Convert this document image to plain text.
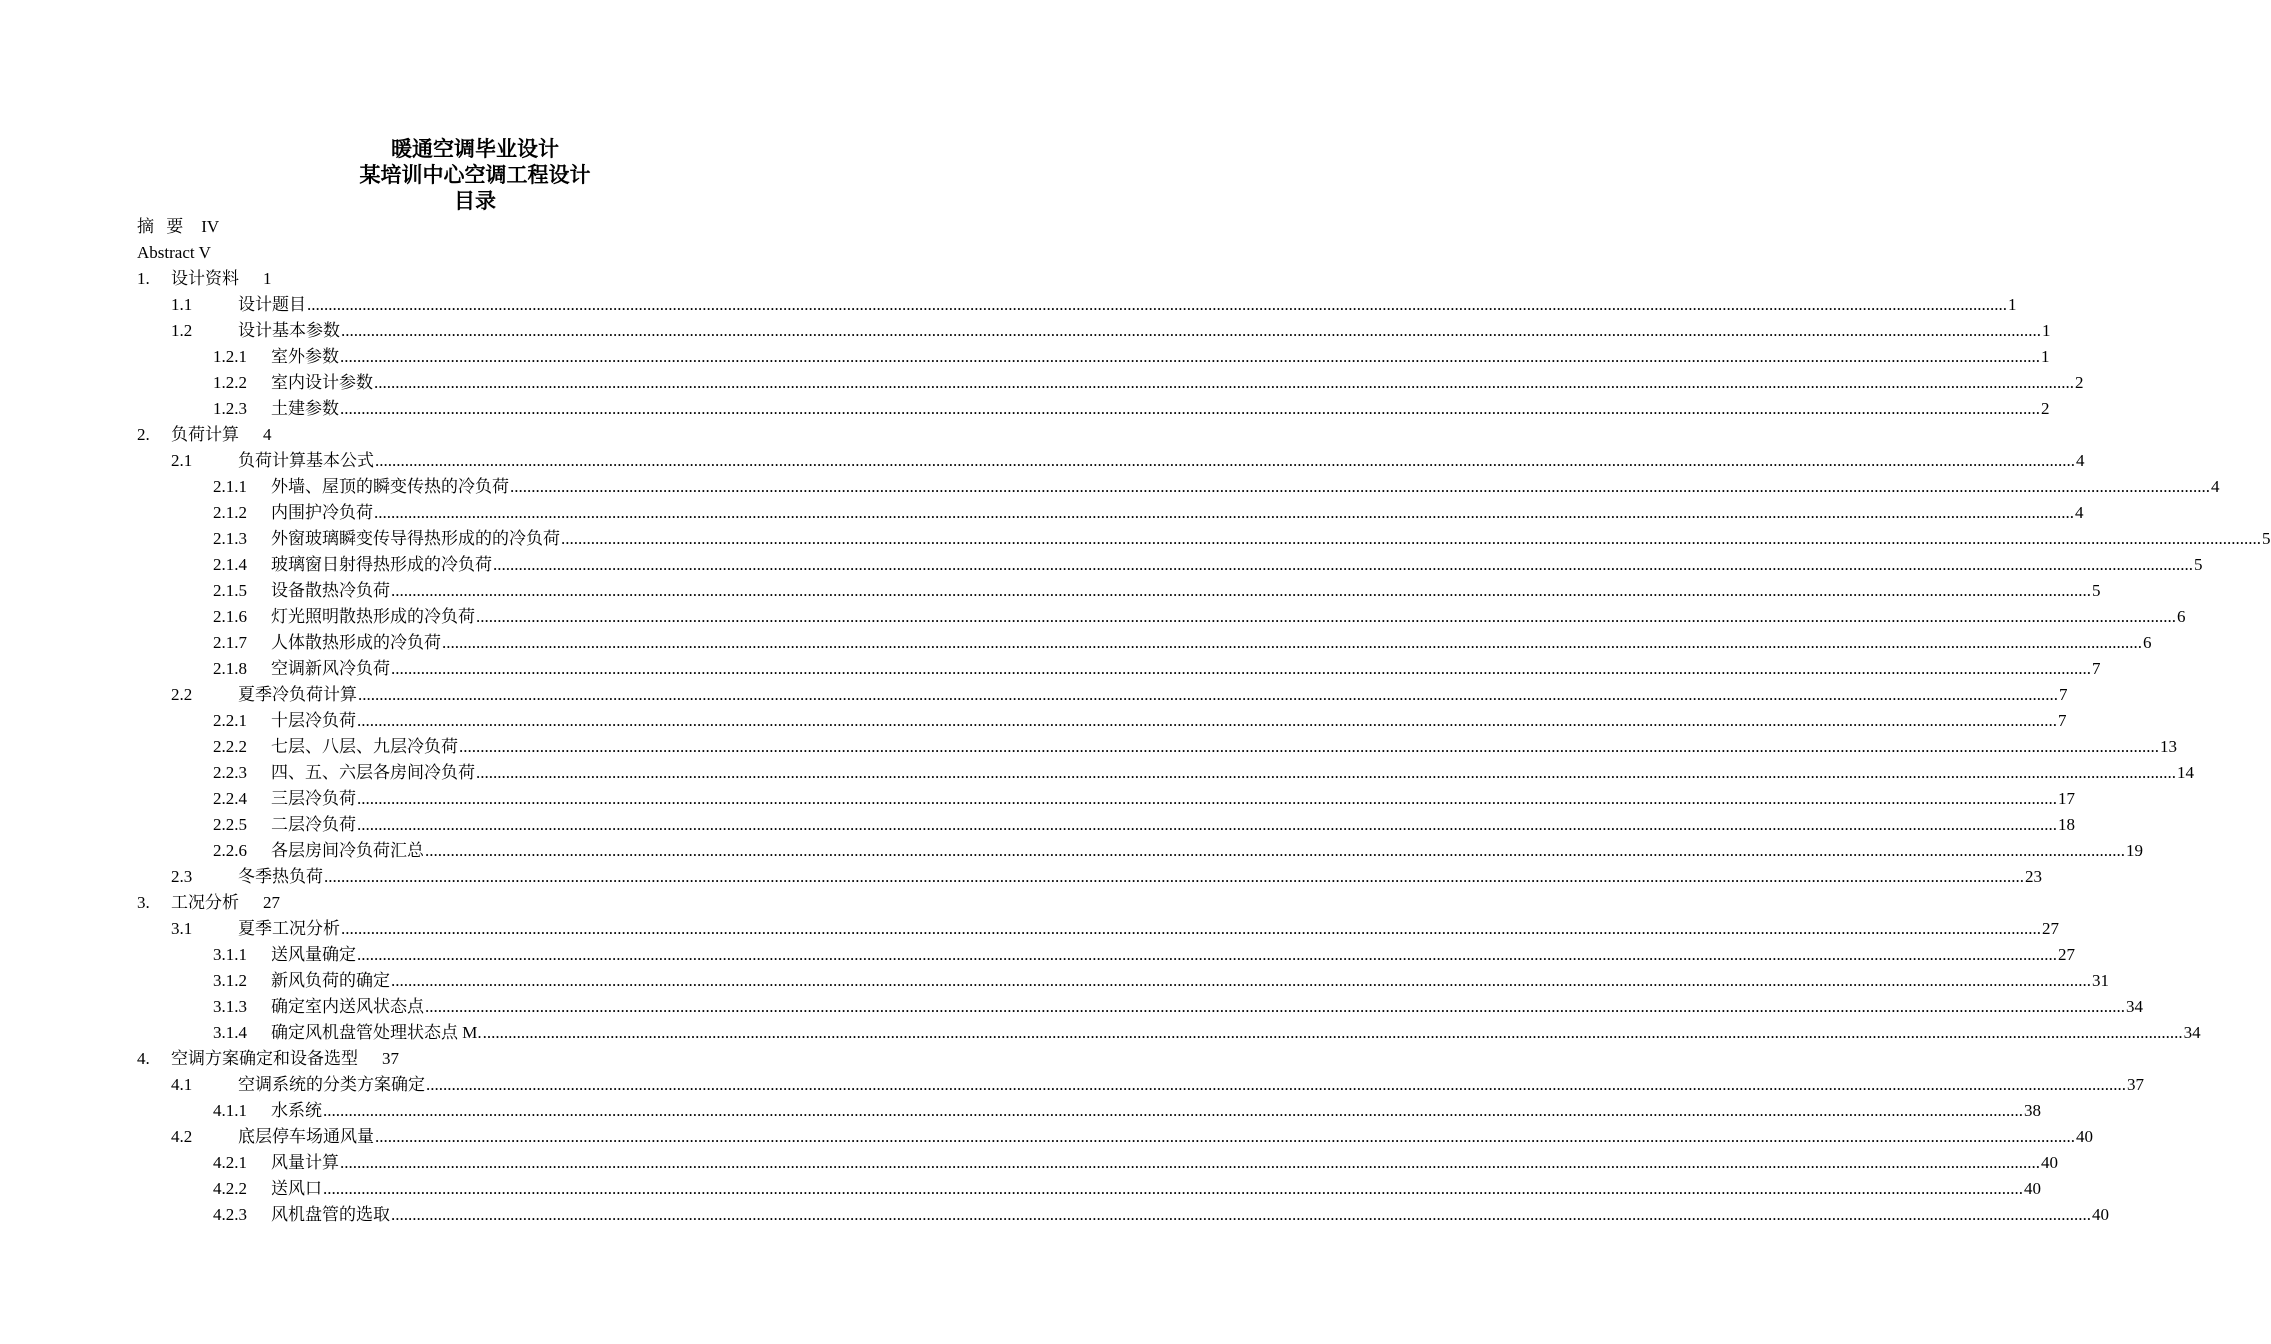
暖通空调毕业设计
某培训中心空调工程设计
目录
摘 要 IV
Abstract V
1. 设计资料 1
1.1	设计题目 ................................................................................................................................................................................................................................................................................................................................................................................................................ 1
1.2	设计基本参数 ................................................................................................................................................................................................................................................................................................................................................................................................................ 1
1.2.1 室外参数 ................................................................................................................................................................................................................................................................................................................................................................................................................ 1
1.2.2 室内设计参数 ................................................................................................................................................................................................................................................................................................................................................................................................................ 2
1.2.3 土建参数 ................................................................................................................................................................................................................................................................................................................................................................................................................ 2
2. 负荷计算 4
2.1	负荷计算基本公式 ................................................................................................................................................................................................................................................................................................................................................................................................................ 4
2.1.1 外墙、屋顶的瞬变传热的冷负荷 ................................................................................................................................................................................................................................................................................................................................................................................................................ 4
2.1.2 内围护冷负荷 ................................................................................................................................................................................................................................................................................................................................................................................................................ 4
2.1.3 外窗玻璃瞬变传导得热形成的的冷负荷 ................................................................................................................................................................................................................................................................................................................................................................................................................ 5
2.1.4 玻璃窗日射得热形成的冷负荷 ................................................................................................................................................................................................................................................................................................................................................................................................................ 5
2.1.5 设备散热冷负荷 ................................................................................................................................................................................................................................................................................................................................................................................................................ 5
2.1.6 灯光照明散热形成的冷负荷 ................................................................................................................................................................................................................................................................................................................................................................................................................ 6
2.1.7 人体散热形成的冷负荷 ................................................................................................................................................................................................................................................................................................................................................................................................................ 6
2.1.8 空调新风冷负荷 ................................................................................................................................................................................................................................................................................................................................................................................................................ 7
2.2	夏季冷负荷计算 ................................................................................................................................................................................................................................................................................................................................................................................................................ 7
2.2.1 十层冷负荷 ................................................................................................................................................................................................................................................................................................................................................................................................................ 7
2.2.2 七层、八层、九层冷负荷 ................................................................................................................................................................................................................................................................................................................................................................................................................ 13
2.2.3 四、五、六层各房间冷负荷 ................................................................................................................................................................................................................................................................................................................................................................................................................ 14
2.2.4 三层冷负荷 ................................................................................................................................................................................................................................................................................................................................................................................................................ 17
2.2.5 二层冷负荷 ................................................................................................................................................................................................................................................................................................................................................................................................................ 18
2.2.6 各层房间冷负荷汇总 ................................................................................................................................................................................................................................................................................................................................................................................................................ 19
2.3	冬季热负荷 ................................................................................................................................................................................................................................................................................................................................................................................................................ 23
3. 工况分析 27
3.1	夏季工况分析 ................................................................................................................................................................................................................................................................................................................................................................................................................ 27
3.1.1 送风量确定 ................................................................................................................................................................................................................................................................................................................................................................................................................ 27
3.1.2 新风负荷的确定 ................................................................................................................................................................................................................................................................................................................................................................................................................ 31
3.1.3 确定室内送风状态点 ................................................................................................................................................................................................................................................................................................................................................................................................................ 34
3.1.4 确定风机盘管处理状态点 M. ................................................................................................................................................................................................................................................................................................................................................................................................................ 34
4. 空调方案确定和设备选型 37
4.1	空调系统的分类方案确定 ................................................................................................................................................................................................................................................................................................................................................................................................................ 37
4.1.1 水系统 ................................................................................................................................................................................................................................................................................................................................................................................................................ 38
4.2	底层停车场通风量 ................................................................................................................................................................................................................................................................................................................................................................................................................ 40
4.2.1 风量计算 ................................................................................................................................................................................................................................................................................................................................................................................................................ 40
4.2.2 送风口 ................................................................................................................................................................................................................................................................................................................................................................................................................ 40
4.2.3 风机盘管的选取 ................................................................................................................................................................................................................................................................................................................................................................................................................ 40
